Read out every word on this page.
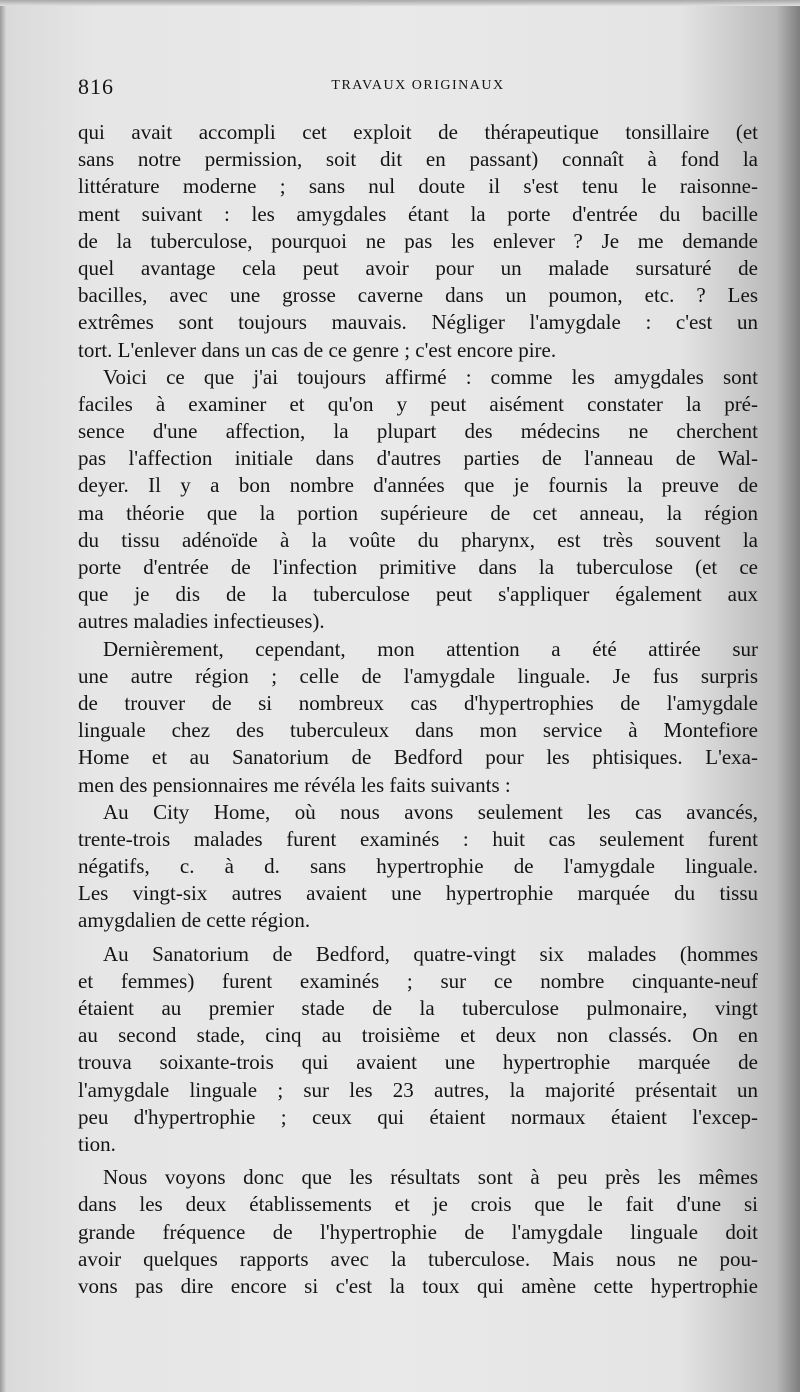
816	TRAVAUX ORIGINAUX
qui avait accompli cet exploit de thérapeutique tonsillaire (et
sans notre permission, soit dit en passant) connaît à fond la
littérature moderne ; sans nul doute il s'est tenu le raisonne-
ment suivant : les amygdales étant la porte d'entrée du bacille
de la tuberculose, pourquoi ne pas les enlever ? Je me demande
quel avantage cela peut avoir pour un malade sursaturé de
bacilles, avec une grosse caverne dans un poumon, etc. ? Les
extrêmes sont toujours mauvais. Négliger l'amygdale : c'est un
tort. L'enlever dans un cas de ce genre ; c'est encore pire.
Voici ce que j'ai toujours affirmé : comme les amygdales sont
faciles à examiner et qu'on y peut aisément constater la pré-
sence d'une affection, la plupart des médecins ne cherchent
pas l'affection initiale dans d'autres parties de l'anneau de Wal-
deyer. Il y a bon nombre d'années que je fournis la preuve de
ma théorie que la portion supérieure de cet anneau, la région
du tissu adénoïde à la voûte du pharynx, est très souvent la
porte d'entrée de l'infection primitive dans la tuberculose (et ce
que je dis de la tuberculose peut s'appliquer également aux
autres maladies infectieuses).
Dernièrement, cependant, mon attention a été attirée sur
une autre région ; celle de l'amygdale linguale. Je fus surpris
de trouver de si nombreux cas d'hypertrophies de l'amygdale
linguale chez des tuberculeux dans mon service à Montefiore
Home et au Sanatorium de Bedford pour les phtisiques. L'exa-
men des pensionnaires me révéla les faits suivants :
Au City Home, où nous avons seulement les cas avancés,
trente-trois malades furent examinés : huit cas seulement furent
négatifs, c. à d. sans hypertrophie de l'amygdale linguale.
Les vingt-six autres avaient une hypertrophie marquée du tissu
amygdalien de cette région.
Au Sanatorium de Bedford, quatre-vingt six malades (hommes
et femmes) furent examinés ; sur ce nombre cinquante-neuf
étaient au premier stade de la tuberculose pulmonaire, vingt
au second stade, cinq au troisième et deux non classés. On en
trouva soixante-trois qui avaient une hypertrophie marquée de
l'amygdale linguale ; sur les 23 autres, la majorité présentait un
peu d'hypertrophie ; ceux qui étaient normaux étaient l'excep-
tion.
Nous voyons donc que les résultats sont à peu près les mêmes
dans les deux établissements et je crois que le fait d'une si
grande fréquence de l'hypertrophie de l'amygdale linguale doit
avoir quelques rapports avec la tuberculose. Mais nous ne pou-
vons pas dire encore si c'est la toux qui amène cette hypertrophie
